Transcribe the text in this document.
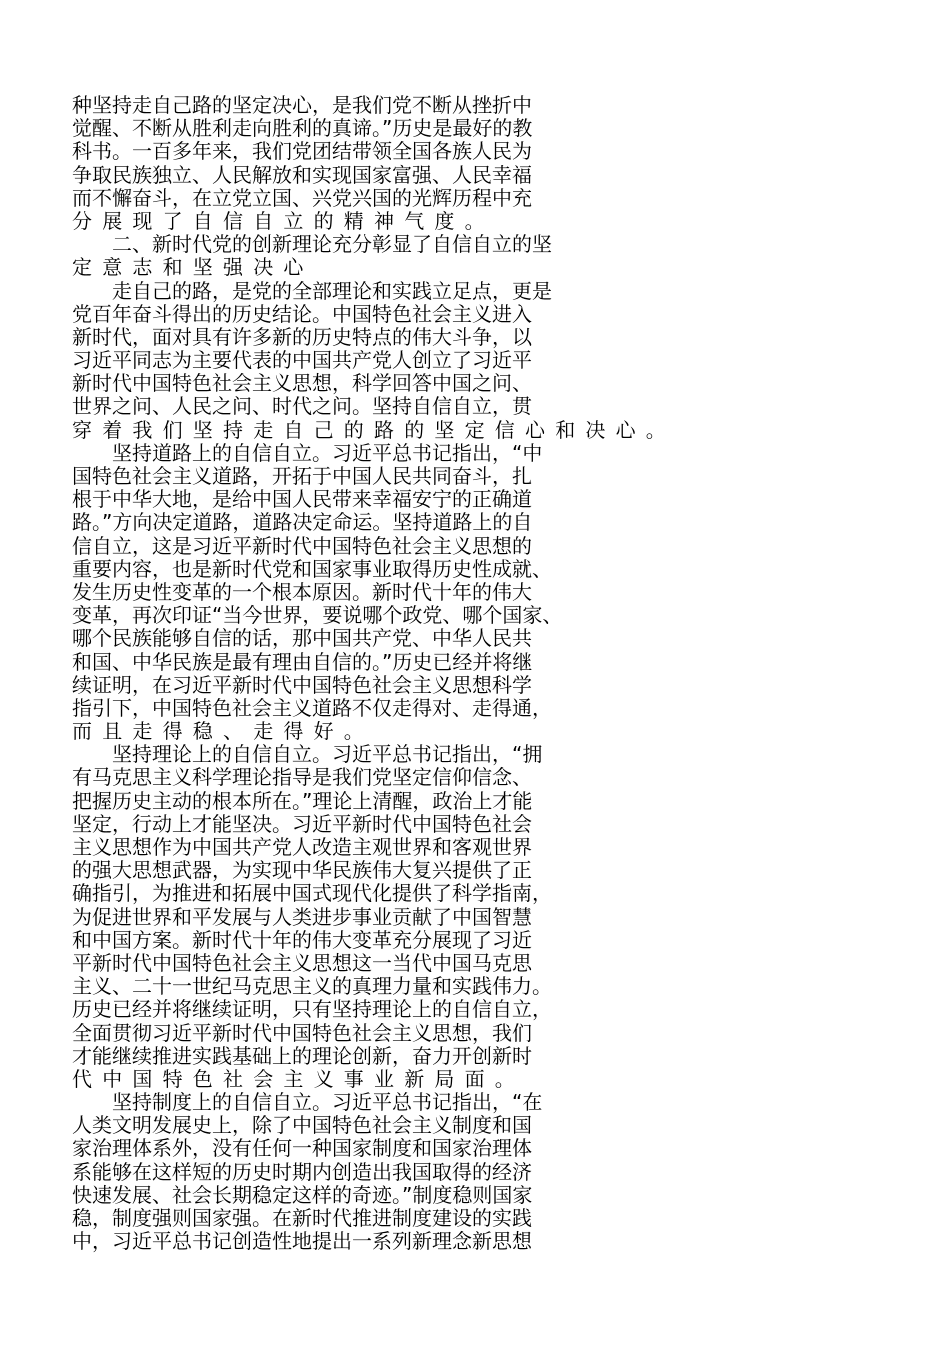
种坚持走自己路的坚定决心，是我们党不断从挫折中
觉醒、不断从胜利走向胜利的真谛。”历史是最好的教
科书。一百多年来，我们党团结带领全国各族人民为
争取民族独立、人民解放和实现国家富强、人民幸福
而不懈奋斗，在立党立国、兴党兴国的光辉历程中充
分展现了自信自立的精神气度。
　　二、新时代党的创新理论充分彰显了自信自立的坚
定意志和坚强决心
　　走自己的路，是党的全部理论和实践立足点，更是
党百年奋斗得出的历史结论。中国特色社会主义进入
新时代，面对具有许多新的历史特点的伟大斗争，以
习近平同志为主要代表的中国共产党人创立了习近平
新时代中国特色社会主义思想，科学回答中国之问、
世界之问、人民之问、时代之问。坚持自信自立，贯
穿着我们坚持走自己的路的坚定信心和决心。
　　坚持道路上的自信自立。习近平总书记指出，“中
国特色社会主义道路，开拓于中国人民共同奋斗，扎
根于中华大地，是给中国人民带来幸福安宁的正确道
路。”方向决定道路，道路决定命运。坚持道路上的自
信自立，这是习近平新时代中国特色社会主义思想的
重要内容，也是新时代党和国家事业取得历史性成就、
发生历史性变革的一个根本原因。新时代十年的伟大
变革，再次印证“当今世界，要说哪个政党、哪个国家、
哪个民族能够自信的话，那中国共产党、中华人民共
和国、中华民族是最有理由自信的。”历史已经并将继
续证明，在习近平新时代中国特色社会主义思想科学
指引下，中国特色社会主义道路不仅走得对、走得通，
而且走得稳、走得好。
　　坚持理论上的自信自立。习近平总书记指出，“拥
有马克思主义科学理论指导是我们党坚定信仰信念、
把握历史主动的根本所在。”理论上清醒，政治上才能
坚定，行动上才能坚决。习近平新时代中国特色社会
主义思想作为中国共产党人改造主观世界和客观世界
的强大思想武器，为实现中华民族伟大复兴提供了正
确指引，为推进和拓展中国式现代化提供了科学指南，
为促进世界和平发展与人类进步事业贡献了中国智慧
和中国方案。新时代十年的伟大变革充分展现了习近
平新时代中国特色社会主义思想这一当代中国马克思
主义、二十一世纪马克思主义的真理力量和实践伟力。
历史已经并将继续证明，只有坚持理论上的自信自立，
全面贯彻习近平新时代中国特色社会主义思想，我们
才能继续推进实践基础上的理论创新，奋力开创新时
代中国特色社会主义事业新局面。
　　坚持制度上的自信自立。习近平总书记指出，“在
人类文明发展史上，除了中国特色社会主义制度和国
家治理体系外，没有任何一种国家制度和国家治理体
系能够在这样短的历史时期内创造出我国取得的经济
快速发展、社会长期稳定这样的奇迹。”制度稳则国家
稳，制度强则国家强。在新时代推进制度建设的实践
中，习近平总书记创造性地提出一系列新理念新思想
